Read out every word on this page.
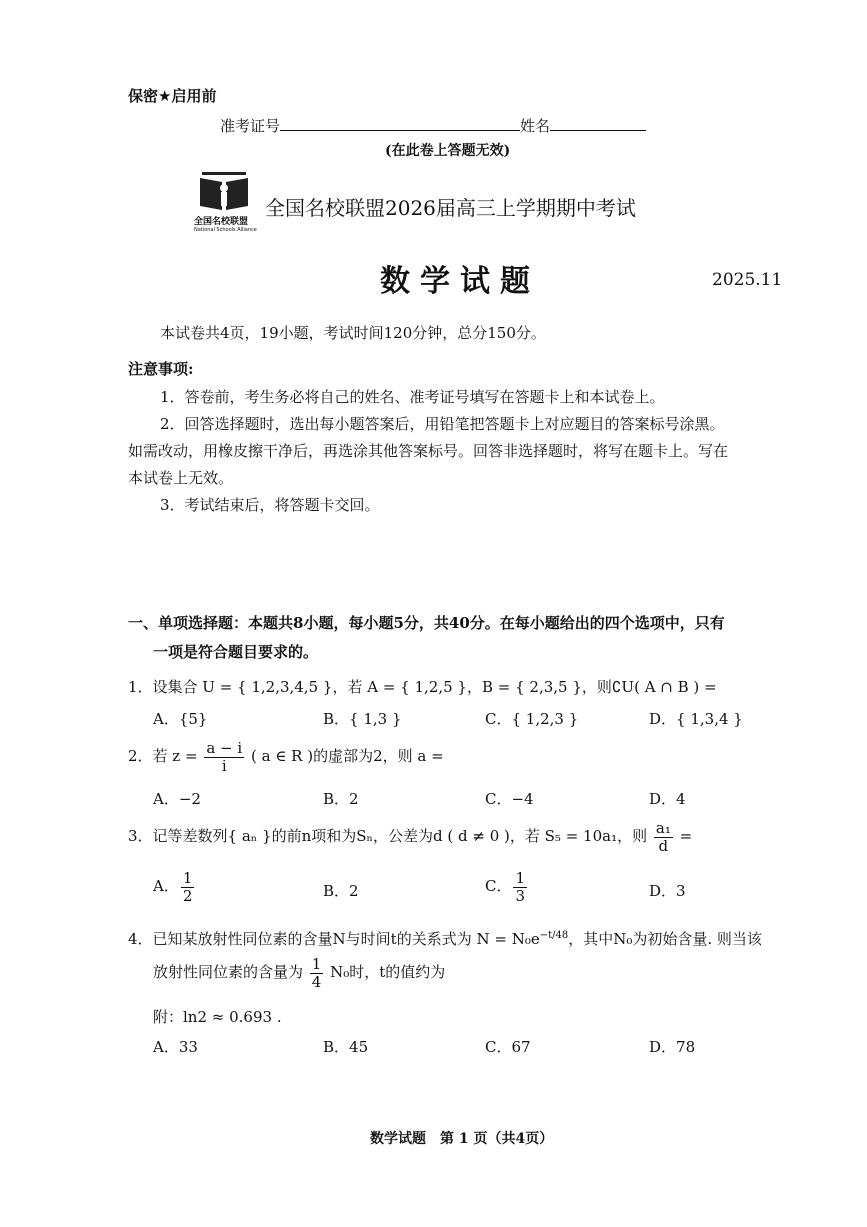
保密★启用前
准考证号	姓名
(在此卷上答题无效)
全国名校联盟
National Schools Alliance
全国名校联盟2026届高三上学期期中考试
数学试题	2025.11
本试卷共4页，19小题，考试时间120分钟，总分150分。
注意事项:
1．答卷前，考生务必将自己的姓名、准考证号填写在答题卡上和本试卷上。
2．回答选择题时，选出每小题答案后，用铅笔把答题卡上对应题目的答案标号涂黑。
如需改动，用橡皮擦干净后，再选涂其他答案标号。回答非选择题时，将写在题卡上。写在
本试卷上无效。
3．考试结束后，将答题卡交回。
一、单项选择题：本题共8小题，每小题5分，共40分。在每小题给出的四个选项中，只有
一项是符合题目要求的。
1．设集合 U = { 1,2,3,4,5 }，若 A = { 1,2,5 }，B = { 2,3,5 }，则∁U( A ∩ B ) =
A．{5}	B．{ 1,3 }	C．{ 1,2,3 }	D．{ 1,3,4 }
2．若 $z = \frac{a - i}{i}$ ( a ∈ R )的虚部为2，则 a =
A．−2	B．2	C．−4	D．4
3．记等差数列{ aₙ }的前n项和为Sₙ，公差为d ( d ≠ 0 )，若 S₅ = 10a₁，则 $\frac{\text{a₁}}{d}$ =
A． $\frac{1}{2}$	B．2	C． $\frac{1}{3}$	D．3
4．已知某放射性同位素的含量N与时间t的关系式为 $N = N_0e^{-t/48}$，其中N₀为初始含量. 则当该
放射性同位素的含量为 $\frac{1}{4} N_0$时，t的值约为
附：ln2 ≈ 0.693 .
A．33	B．45	C．67	D．78
数学试题　第 1 页（共4页）
